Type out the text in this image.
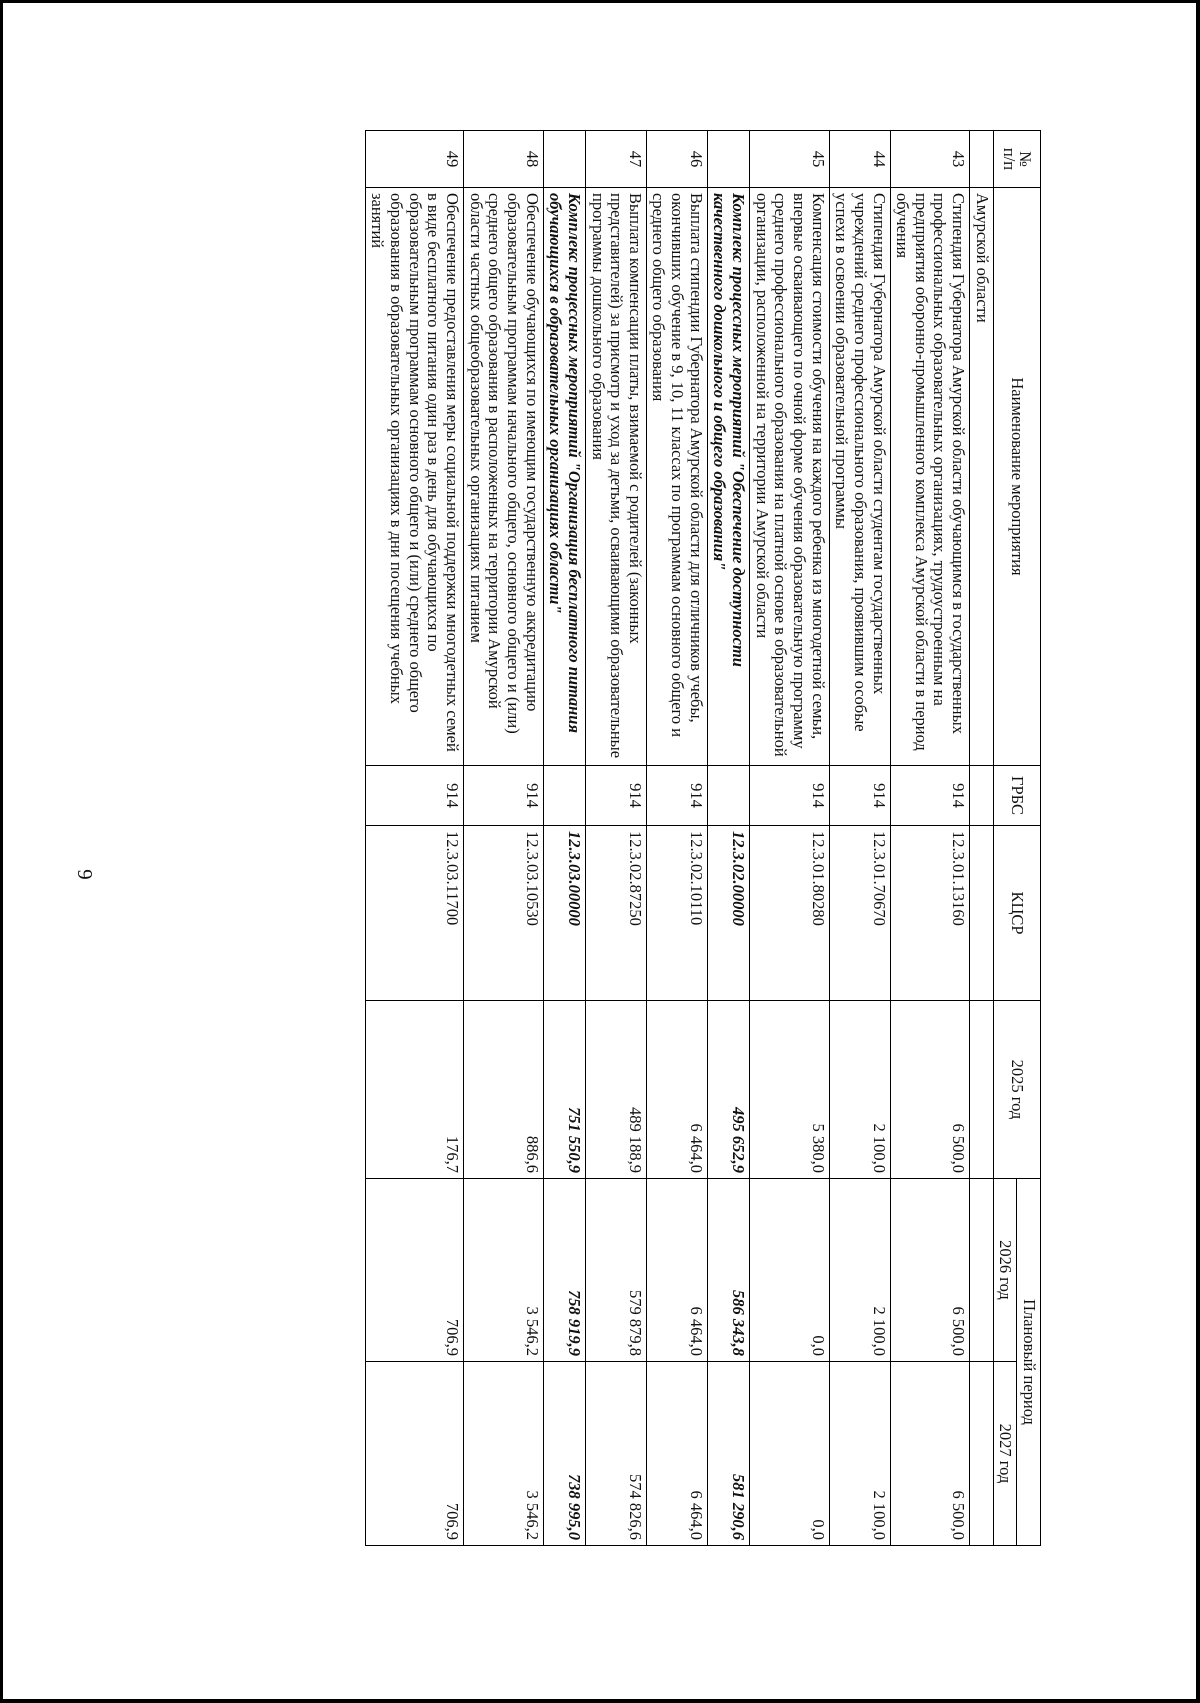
6
№
п/п	Наименование мероприятия	ГРБС	КЦСР	2025 год	Плановый период	
					2026 год	2027 год
	Амурской области					
43	Стипендия Губернатора Амурской области обучающимся в государственных профессиональных образовательных организациях, трудоустроенным на предприятия оборонно-промышленного комплекса Амурской области в период обучения	914	12.3.01.13160	6 500,0	6 500,0	6 500,0
44	Стипендия Губернатора Амурской области студентам государственных учреждений среднего профессионального образования, проявившим особые успехи в освоении образовательной программы	914	12.3.01.70670	2 100,0	2 100,0	2 100,0
45	Компенсация стоимости обучения на каждого ребенка из многодетной семьи, впервые осваивающего по очной форме обучения образовательную программу среднего профессионального образования на платной основе в образовательной организации, расположенной на территории Амурской области	914	12.3.01.80280	5 380,0	0,0	0,0
	Комплекс процессных мероприятий "Обеспечение доступности качественного дошкольного и общего образования"		12.3.02.00000	495 652,9	586 343,8	581 290,6
46	Выплата стипендии Губернатора Амурской области для отличников учебы, окончивших обучение в 9, 10, 11 классах по программам основного общего и среднего общего образования	914	12.3.02.10110	6 464,0	6 464,0	6 464,0
47	Выплата компенсации платы, взимаемой с родителей (законных представителей) за присмотр и уход за детьми, осваивающими образовательные программы дошкольного образования	914	12.3.02.87250	489 188,9	579 879,8	574 826,6
	Комплекс процессных мероприятий "Организация бесплатного питания обучающихся в образовательных организациях области"		12.3.03.00000	751 550,9	758 919,9	738 995,0
48	Обеспечение обучающихся по имеющим государственную аккредитацию образовательным программам начального общего, основного общего и (или) среднего общего образования в расположенных на территории Амурской области частных общеобразовательных организациях питанием	914	12.3.03.10530	886,6	3 546,2	3 546,2
49	Обеспечение предоставления меры социальной поддержки многодетных семей в виде бесплатного питания один раз в день для обучающихся по образовательным программам основного общего и (или) среднего общего образования в образовательных организациях в дни посещения учебных занятий	914	12.3.03.11700	176,7	706,9	706,9
